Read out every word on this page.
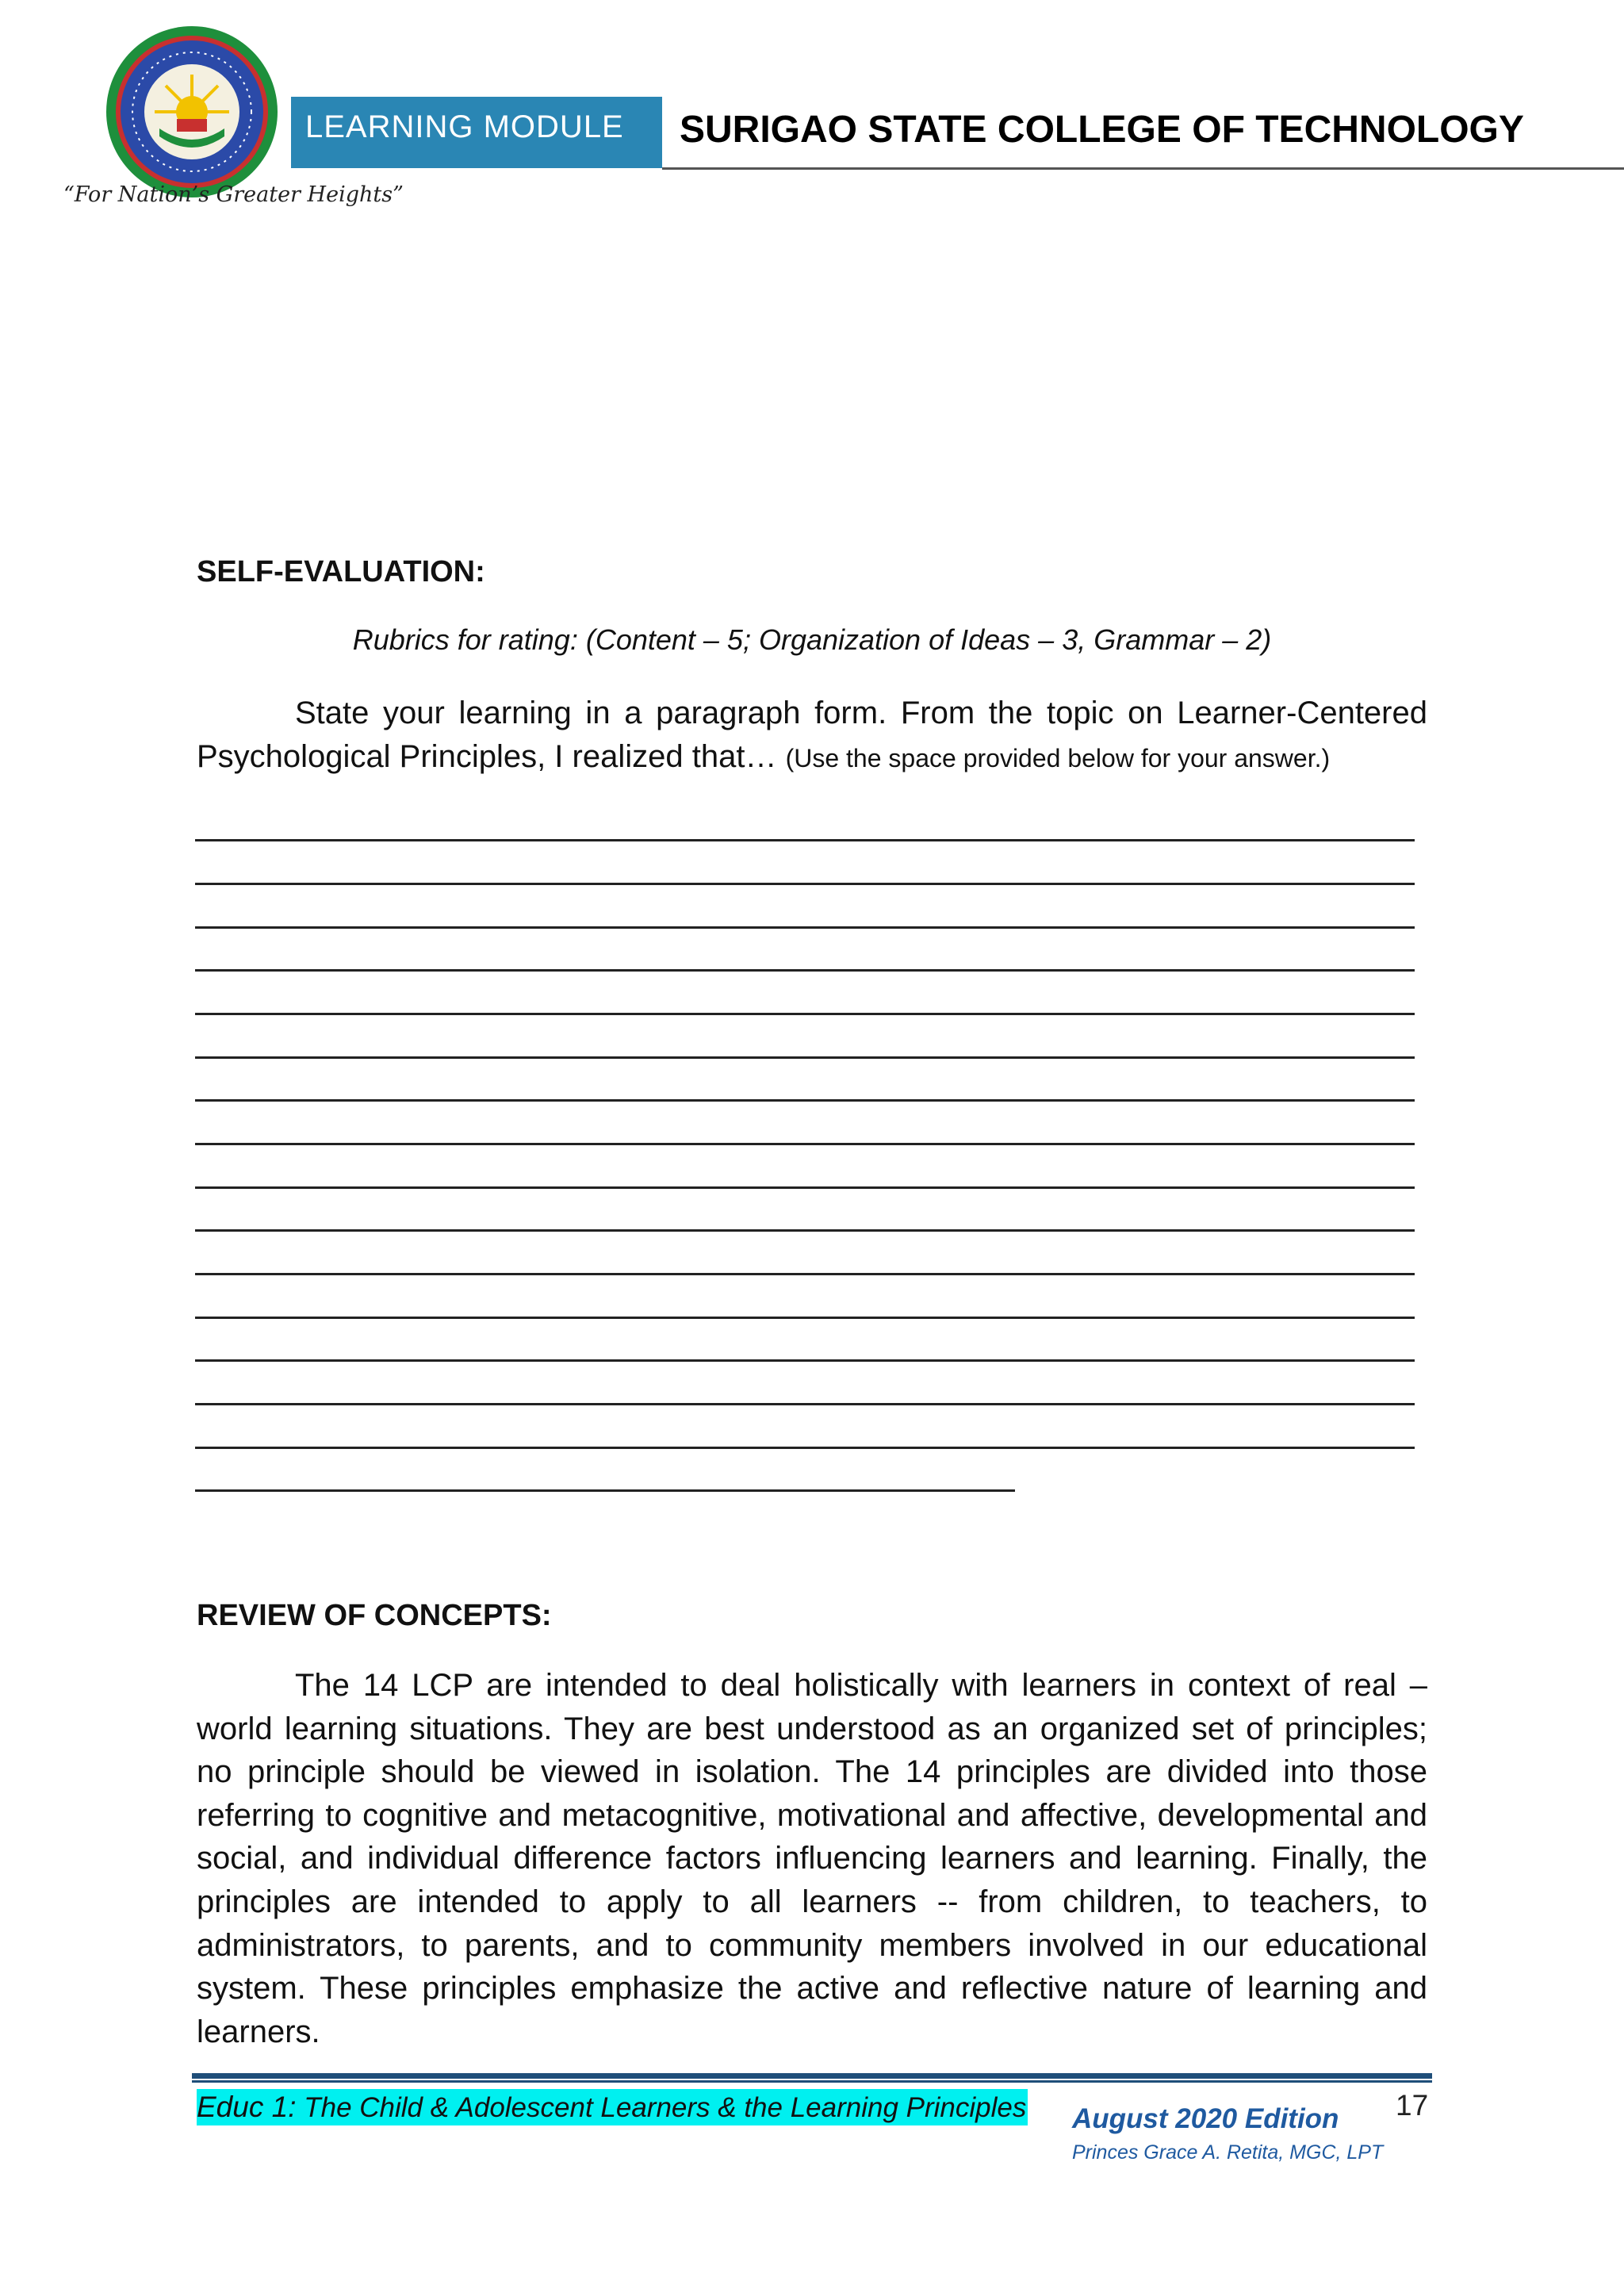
“For Nation’s Greater Heights”
LEARNING MODULE SURIGAO STATE COLLEGE OF TECHNOLOGY
SELF-EVALUATION:
Rubrics for rating: (Content – 5; Organization of Ideas – 3, Grammar – 2)
State your learning in a paragraph form. From the topic on Learner-Centered Psychological Principles, I realized that… (Use the space provided below for your answer.)
REVIEW OF CONCEPTS:
The 14 LCP are intended to deal holistically with learners in context of real – world learning situations. They are best understood as an organized set of principles; no principle should be viewed in isolation. The 14 principles are divided into those referring to cognitive and metacognitive, motivational and affective, developmental and social, and individual difference factors influencing learners and learning. Finally, the principles are intended to apply to all learners -- from children, to teachers, to administrators, to parents, and to community members involved in our educational system. These principles emphasize the active and reflective nature of learning and learners.
Educ 1: The Child & Adolescent Learners & the Learning Principles August 2020 Edition
Princes Grace A. Retita, MGC, LPT
17
